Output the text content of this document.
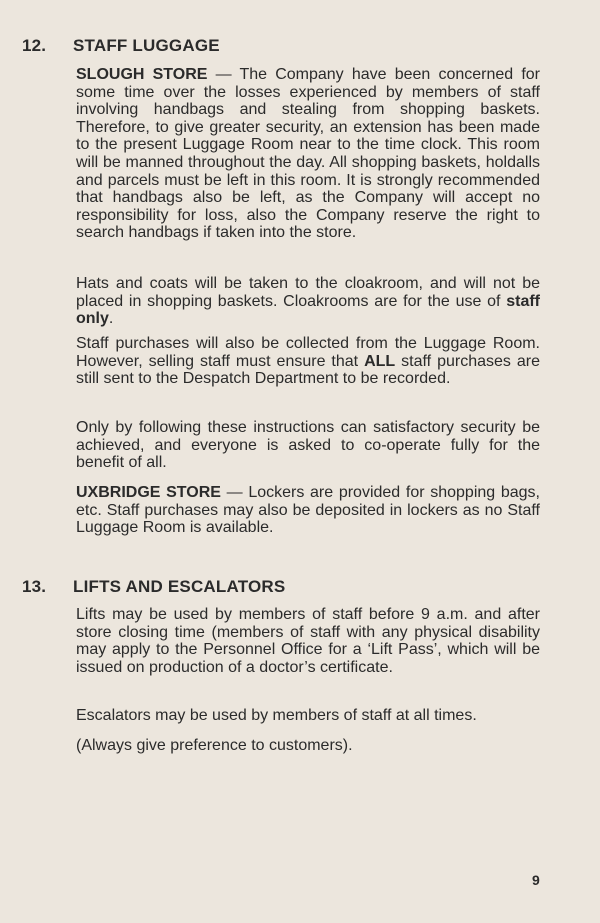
12. STAFF LUGGAGE

SLOUGH STORE — The Company have been concerned for some time over the losses experienced by members of staff involving handbags and stealing from shopping baskets. Therefore, to give greater security, an extension has been made to the present Luggage Room near to the time clock. This room will be manned throughout the day. All shopping baskets, holdalls and parcels must be left in this room. It is strongly recommended that handbags also be left, as the Company will accept no responsibility for loss, also the Company reserve the right to search handbags if taken into the store.

Hats and coats will be taken to the cloakroom, and will not be placed in shopping baskets. Cloakrooms are for the use of staff only.

Staff purchases will also be collected from the Luggage Room. However, selling staff must ensure that ALL staff purchases are still sent to the Despatch Department to be recorded.

Only by following these instructions can satisfactory security be achieved, and everyone is asked to co-operate fully for the benefit of all.

UXBRIDGE STORE — Lockers are provided for shopping bags, etc. Staff purchases may also be deposited in lockers as no Staff Luggage Room is available.

13. LIFTS AND ESCALATORS

Lifts may be used by members of staff before 9 a.m. and after store closing time (members of staff with any physical disability may apply to the Personnel Office for a ‘Lift Pass’, which will be issued on production of a doctor’s certificate.

Escalators may be used by members of staff at all times.

(Always give preference to customers).

9
